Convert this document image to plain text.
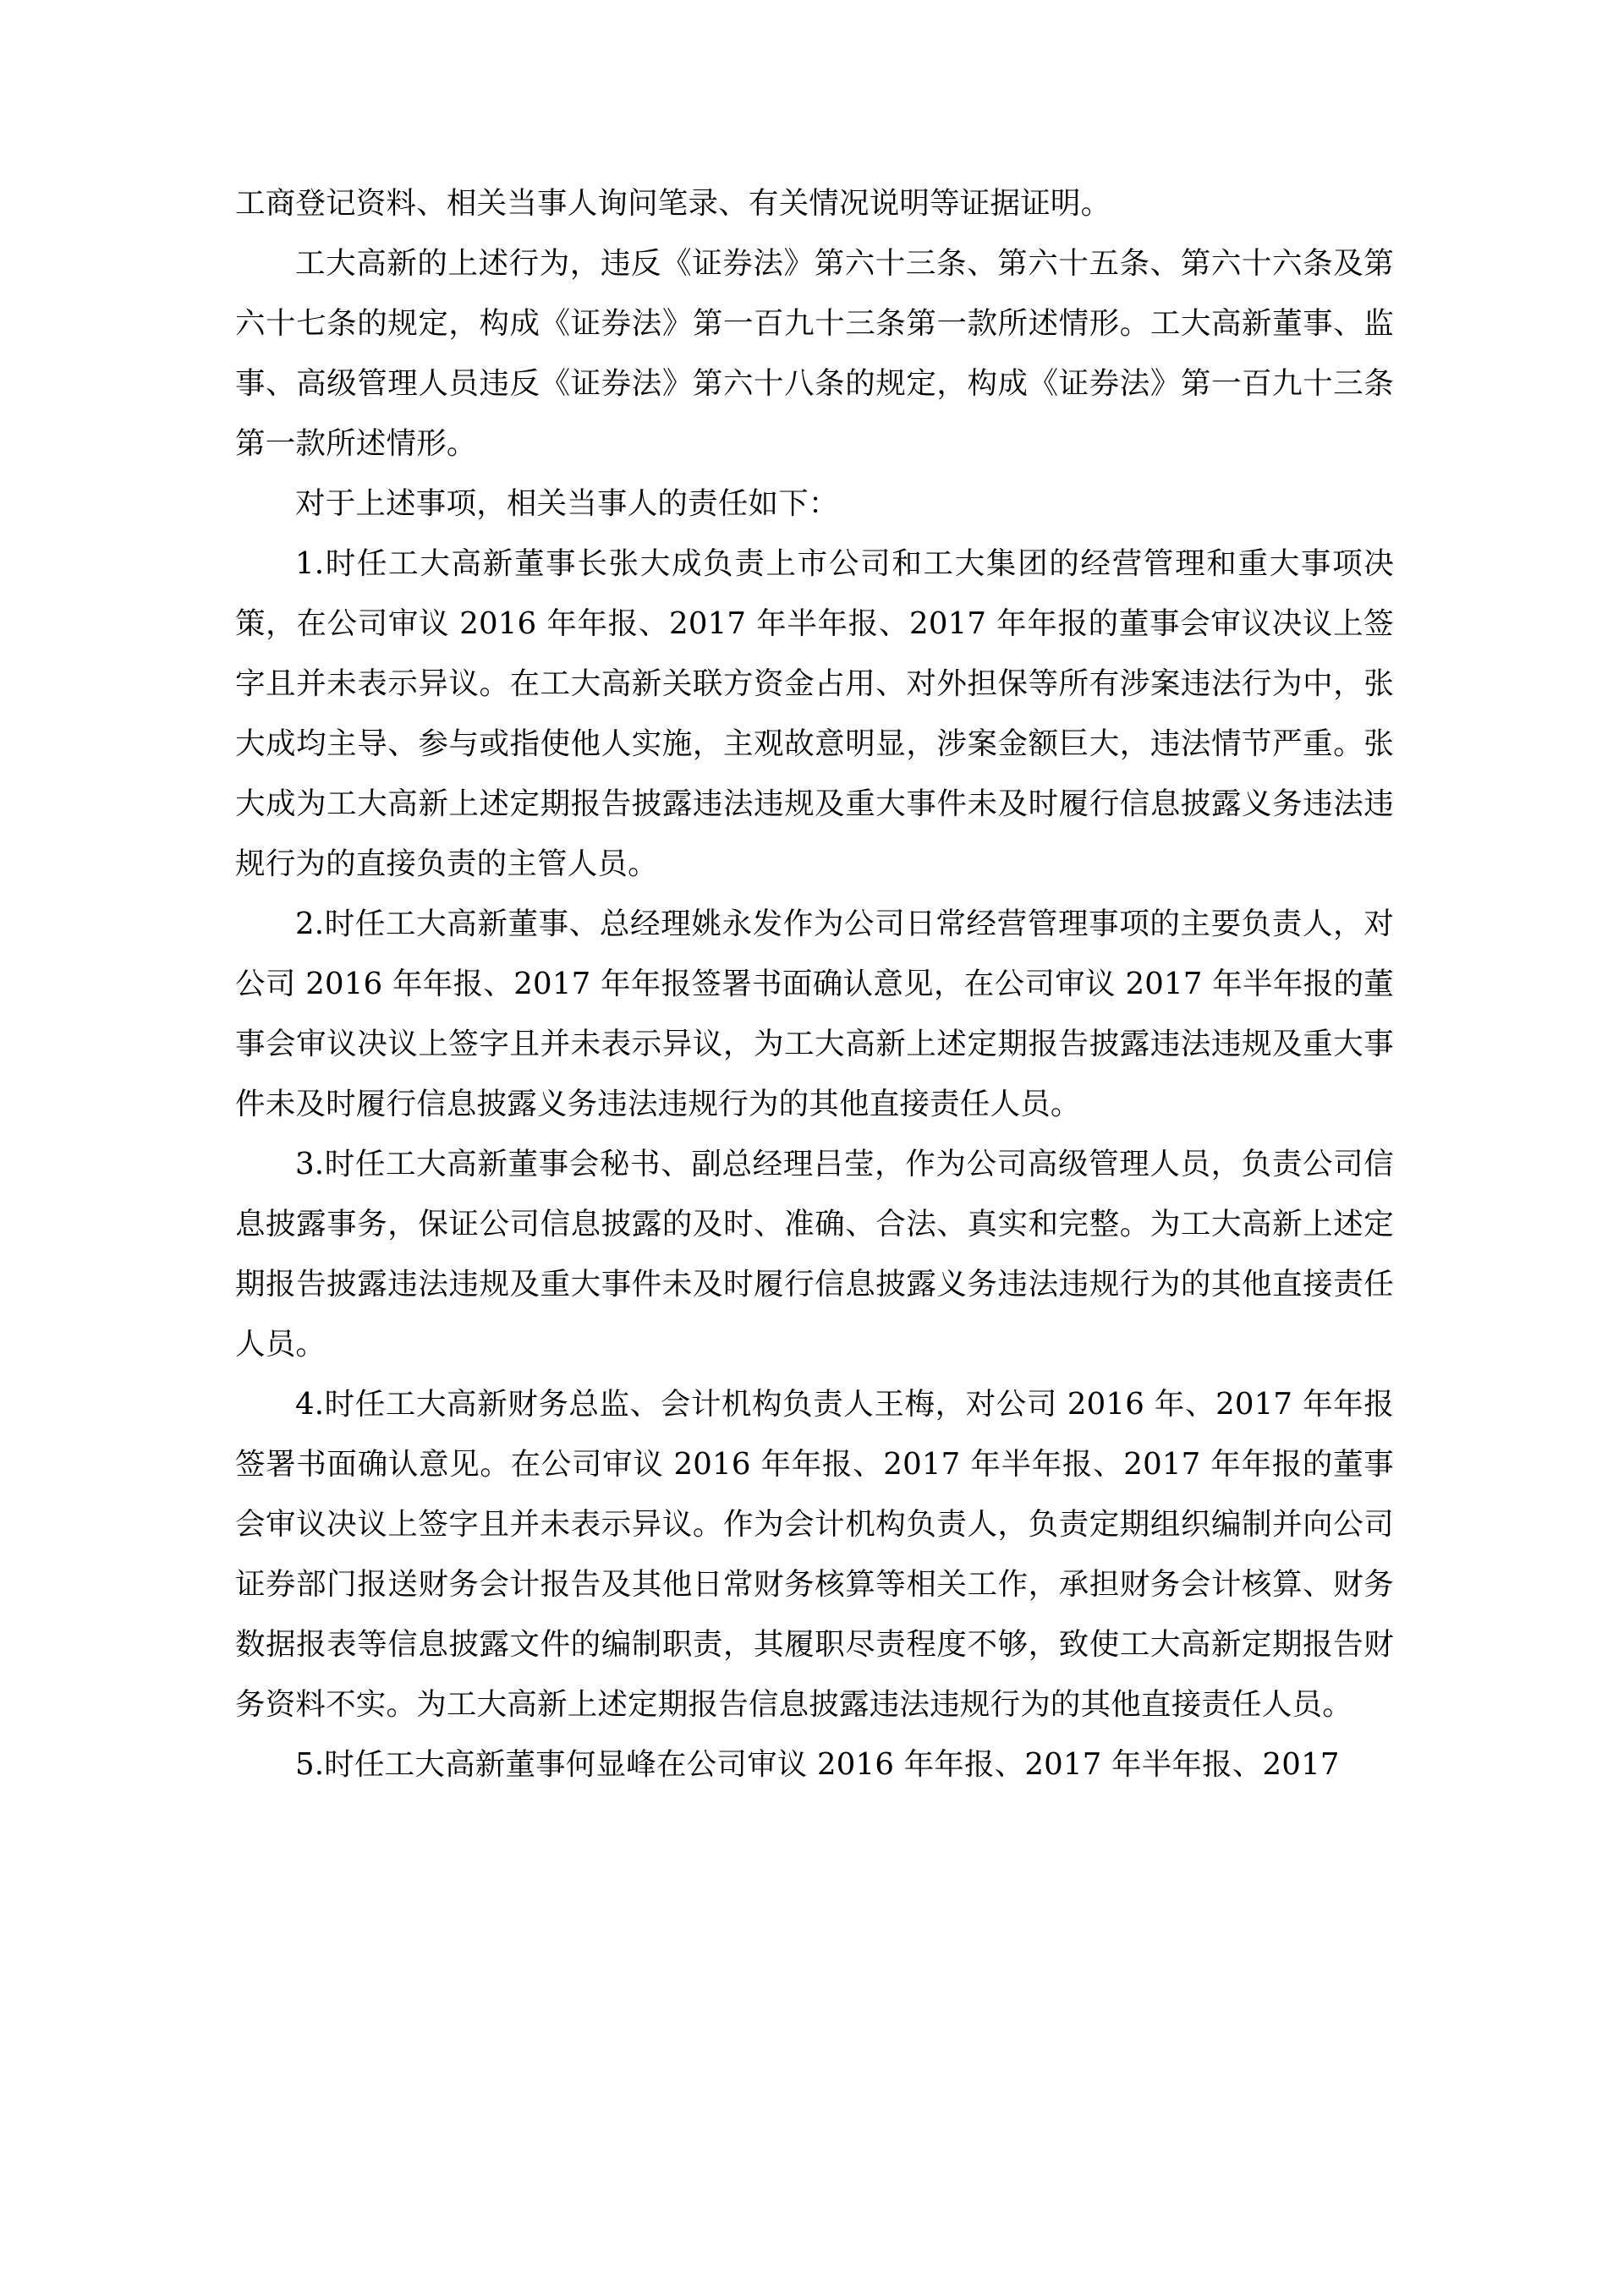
工商登记资料、相关当事人询问笔录、有关情况说明等证据证明。

工大高新的上述行为，违反《证券法》第六十三条、第六十五条、第六十六条及第六十七条的规定，构成《证券法》第一百九十三条第一款所述情形。工大高新董事、监事、高级管理人员违反《证券法》第六十八条的规定，构成《证券法》第一百九十三条第一款所述情形。

对于上述事项，相关当事人的责任如下：

1.时任工大高新董事长张大成负责上市公司和工大集团的经营管理和重大事项决策，在公司审议 2016 年年报、2017 年半年报、2017 年年报的董事会审议决议上签字且并未表示异议。在工大高新关联方资金占用、对外担保等所有涉案违法行为中，张大成均主导、参与或指使他人实施，主观故意明显，涉案金额巨大，违法情节严重。张大成为工大高新上述定期报告披露违法违规及重大事件未及时履行信息披露义务违法违规行为的直接负责的主管人员。

2.时任工大高新董事、总经理姚永发作为公司日常经营管理事项的主要负责人，对公司 2016 年年报、2017 年年报签署书面确认意见，在公司审议 2017 年半年报的董事会审议决议上签字且并未表示异议，为工大高新上述定期报告披露违法违规及重大事件未及时履行信息披露义务违法违规行为的其他直接责任人员。

3.时任工大高新董事会秘书、副总经理吕莹，作为公司高级管理人员，负责公司信息披露事务，保证公司信息披露的及时、准确、合法、真实和完整。为工大高新上述定期报告披露违法违规及重大事件未及时履行信息披露义务违法违规行为的其他直接责任人员。

4.时任工大高新财务总监、会计机构负责人王梅，对公司 2016 年、2017 年年报签署书面确认意见。在公司审议 2016 年年报、2017 年半年报、2017 年年报的董事会审议决议上签字且并未表示异议。作为会计机构负责人，负责定期组织编制并向公司证券部门报送财务会计报告及其他日常财务核算等相关工作，承担财务会计核算、财务数据报表等信息披露文件的编制职责，其履职尽责程度不够，致使工大高新定期报告财务资料不实。为工大高新上述定期报告信息披露违法违规行为的其他直接责任人员。

5.时任工大高新董事何显峰在公司审议 2016 年年报、2017 年半年报、2017
